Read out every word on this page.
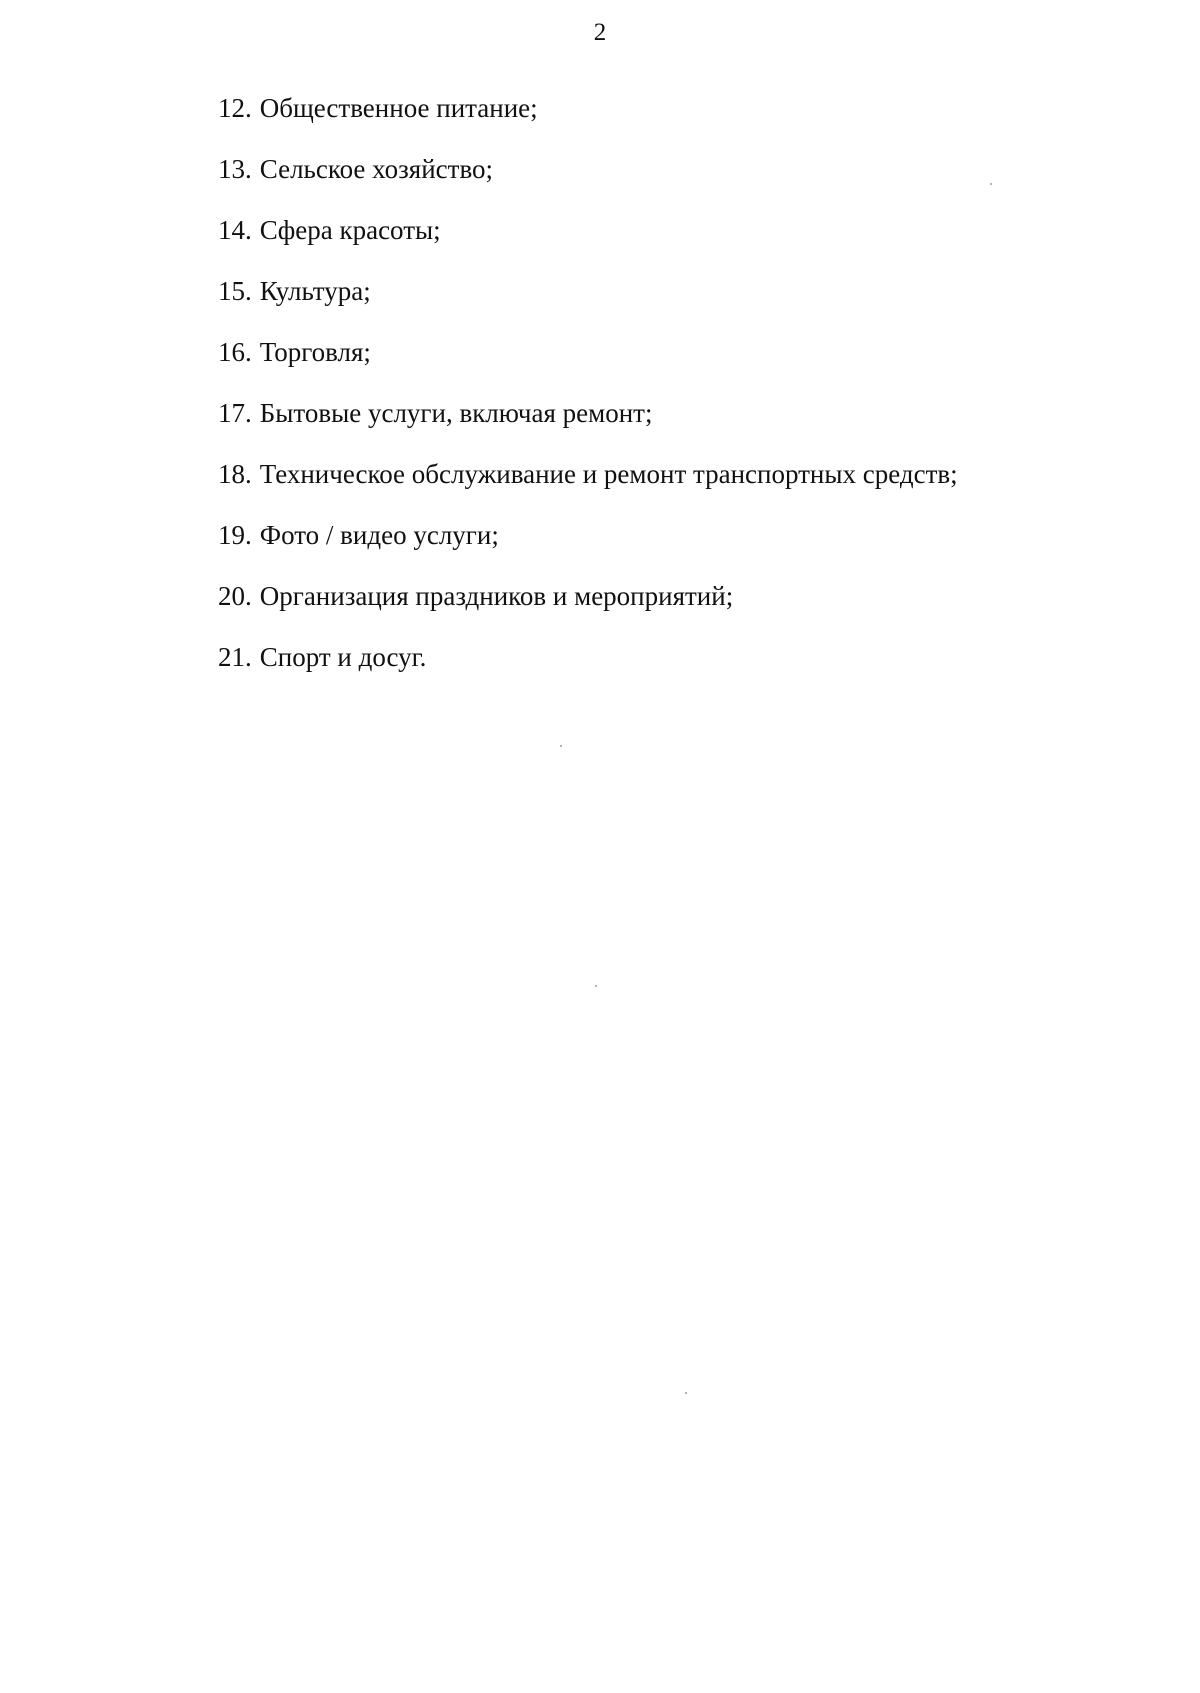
2
12. Общественное питание;
13. Сельское хозяйство;
14. Сфера красоты;
15. Культура;
16. Торговля;
17. Бытовые услуги, включая ремонт;
18. Техническое обслуживание и ремонт транспортных средств;
19. Фото / видео услуги;
20. Организация праздников и мероприятий;
21. Спорт и досуг.
